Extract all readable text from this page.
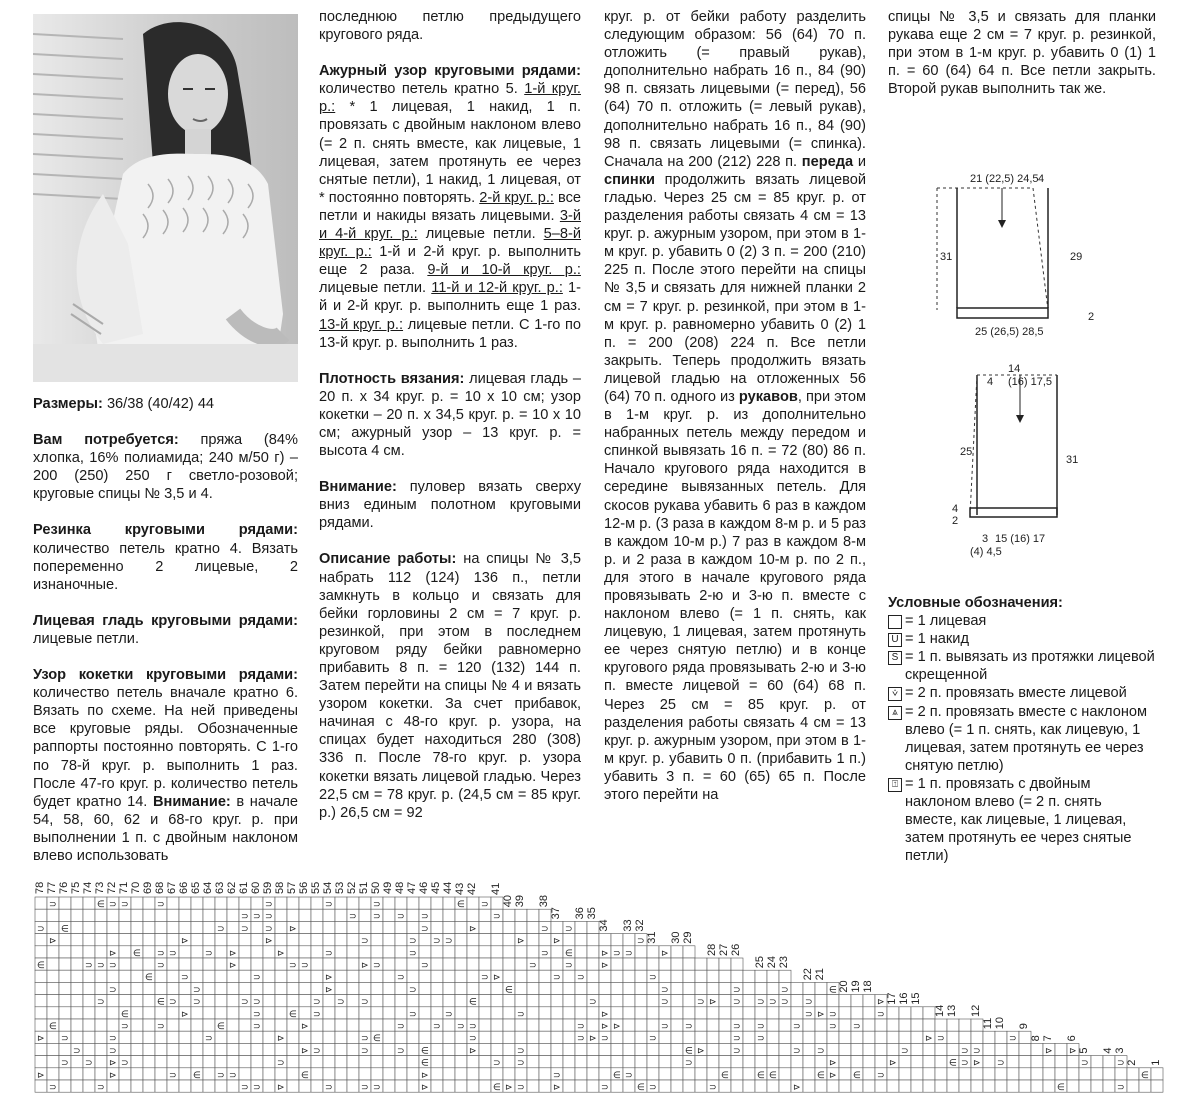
Размеры: 36/38 (40/42) 44

Вам потребуется: пряжа (84% хлопка, 16% полиамида; 240 м/50 г) – 200 (250) 250 г светло-розовой; круговые спицы № 3,5 и 4.

Резинка круговыми рядами: количество петель кратно 4. Вязать попеременно 2 лицевые, 2 изнаночные.

Лицевая гладь круговыми рядами: лицевые петли.

Узор кокетки круговыми рядами: количество петель вначале кратно 6. Вязать по схеме. На ней приведены все круговые ряды. Обозначенные раппорты постоянно повторять. С 1-го по 78-й круг. р. выполнить 1 раз. После 47-го круг. р. количество петель будет кратно 14. Внимание: в начале 54, 58, 60, 62 и 68-го круг. р. при выполнении 1 п. с двойным наклоном влево использовать

последнюю петлю предыдущего кругового ряда.

Ажурный узор круговыми рядами: количество петель кратно 5. 1-й круг. р.: * 1 лицевая, 1 накид, 1 п. провязать с двойным наклоном влево (= 2 п. снять вместе, как лицевые, 1 лицевая, затем протянуть ее через снятые петли), 1 накид, 1 лицевая, от * постоянно повторять. 2-й круг. р.: все петли и накиды вязать лицевыми. 3-й и 4-й круг. р.: лицевые петли. 5–8-й круг. р.: 1-й и 2-й круг. р. выполнить еще 2 раза. 9-й и 10-й круг. р.: лицевые петли. 11-й и 12-й круг. р.: 1-й и 2-й круг. р. выполнить еще 1 раз. 13-й круг. р.: лицевые петли. С 1-го по 13-й круг. р. выполнить 1 раз.

Плотность вязания: лицевая гладь – 20 п. х 34 круг. р. = 10 х 10 см; узор кокетки – 20 п. х 34,5 круг. р. = 10 х 10 см; ажурный узор – 13 круг. р. = высота 4 см.

Внимание: пуловер вязать сверху вниз единым полотном круговыми рядами.

Описание работы: на спицы № 3,5 набрать 112 (124) 136 п., петли замкнуть в кольцо и связать для бейки горловины 2 см = 7 круг. р. резинкой, при этом в последнем круговом ряду бейки равномерно прибавить 8 п. = 120 (132) 144 п. Затем перейти на спицы № 4 и вязать узором кокетки. За счет прибавок, начиная с 48-го круг. р. узора, на спицах будет находиться 280 (308) 336 п. После 78-го круг. р. узора кокетки вязать лицевой гладью. Через 22,5 см = 78 круг. р. (24,5 см = 85 круг. р.) 26,5 см = 92

круг. р. от бейки работу разделить следующим образом: 56 (64) 70 п. отложить (= правый рукав), дополнительно набрать 16 п., 84 (90) 98 п. связать лицевыми (= перед), 56 (64) 70 п. отложить (= левый рукав), дополнительно набрать 16 п., 84 (90) 98 п. связать лицевыми (= спинка). Сначала на 200 (212) 228 п. переда и спинки продолжить вязать лицевой гладью. Через 25 см = 85 круг. р. от разделения работы связать 4 см = 13 круг. р. ажурным узором, при этом в 1-м круг. р. убавить 0 (2) 3 п. = 200 (210) 225 п. После этого перейти на спицы № 3,5 и связать для нижней планки 2 см = 7 круг. р. резинкой, при этом в 1-м круг. р. равномерно убавить 0 (2) 1 п. = 200 (208) 224 п. Все петли закрыть. Теперь продолжить вязать лицевой гладью на отложенных 56 (64) 70 п. одного из рукавов, при этом в 1-м круг. р. из дополнительно набранных петель между передом и спинкой вывязать 16 п. = 72 (80) 86 п. Начало кругового ряда находится в середине вывязанных петель. Для скосов рукава убавить 6 раз в каждом 12-м р. (3 раза в каждом 8-м р. и 5 раз в каждом 10-м р.) 7 раз в каждом 8-м р. и 2 раза в каждом 10-м р. по 2 п., для этого в начале кругового ряда провязывать 2-ю и 3-ю п. вместе с наклоном влево (= 1 п. снять, как лицевую, 1 лицевая, затем протянуть ее через снятую петлю) и в конце кругового ряда провязывать 2-ю и 3-ю п. вместе лицевой = 60 (64) 68 п. Через 25 см = 85 круг. р. от разделения работы связать 4 см = 13 круг. р. ажурным узором, при этом в 1-м круг. р. убавить 0 п. (прибавить 1 п.) убавить 3 п. = 60 (65) 65 п. После этого перейти на

спицы № 3,5 и связать для планки рукава еще 2 см = 7 круг. р. резинкой, при этом в 1-м круг. р. убавить 0 (1) 1 п. = 60 (64) 64 п. Все петли закрыть. Второй рукав выполнить так же.

21 (22,5) 24,5 4
31	29
2
25 (26,5) 28,5
14
4 (16) 17,5
25
31
2
4
3 15 (16) 17
(4) 4,5
Условные обозначения:
= 1 лицевая
U = 1 накид
S = 1 п. вывязать из протяжки лицевой скрещенной
⩒ = 2 п. провязать вместе лицевой
⩓ = 2 п. провязать вместе с наклоном влево (= 1 п. снять, как лицевую, 1 лицевая, затем протянуть ее через снятую петлю)
⍐ = 1 п. провязать с двойным наклоном влево (= 2 п. снять вместе, как лицевые, 1 лицевая, затем протянуть ее через снятые петли)
⊃
∈
⊳
⊳
⊃
⊳
∈
⊃
∈
⊃
⊃
⊃
⊃
⊃
∈
⊃
⊃
⊃
⊃
⊳
⊃
⊃
⊃
⊃
⊳
⊳
⊃
∈
⊃
⊃
∈
∈
⊃
⊃
⊃
∈
⊃
⊃
⊃
⊃
⊳
⊃
⊳
⊃
⊃
∈
⊃
⊃
⊃
∈
⊃
⊳
⊳
⊃
⊃
⊃
⊃
⊃
⊃
⊃
⊃
⊃
⊃
⊃
⊃
⊃
⊃
⊳
⊳
⊳
⊃
⊳
⊳
⊃
∈
⊃
⊳
⊳
∈
⊃
⊃
⊃
⊃
⊃
⊳
⊳
⊃
⊃
⊃
⊃
⊳
⊃
⊃
⊃
⊃
⊃
⊃
⊃
∈
⊃
⊃
⊃
⊃
⊃
⊃
⊃
⊃
⊃
⊃
⊃
⊃
∈
∈
⊳
⊳
⊃
⊃
⊃
⊃
∈
⊃
⊳
∈
⊃
⊃
⊳
⊃
⊃
⊃
⊳
⊃
∈
∈
⊳
⊳
⊃
⊃
⊃
⊃
⊃
⊃
⊃
⊳
⊃
⊃
⊳
⊃
∈
⊃
⊃
⊃
⊃
⊃
⊳
⊳
⊳
⊳
⊳
⊃
⊃
⊃
⊳
∈
⊃
⊃
⊃
∈
⊃
⊃
⊃
⊳
⊃
⊃
⊃ ⊃
∈
⊃
⊃
⊳
⊳
⊃
∈
⊃
⊃
⊃
⊃
⊃
⊃
⊃
⊃
∈
⊃
∈
⊃
⊃
⊃
⊃
⊳
⊃
⊃ ⊳
⊃
∈
∈
⊃
⊃
⊳
⊳
⊃
∈
⊳
⊃
⊃
⊳
⊃
⊳ ⊃
∈
⊃
⊃
⊃
⊳ ⊃
⊃
⊳
∈
⊳
⊃	⊃
⊃
∈
78 77 76 75 74 73 72 71 70 69 68 67 66 65 64 63 62 61 60 59 58 57 56 55 54 53 52 51 50 49 48 47 46 45 44 43 42 41
40 39 38
37 36 35
34 33 32
31 30 29
28 27 26
25 24 23
22 21
20 19 18
17 16 15
14 13 12
11 10 9
8 7 6
5 4 3
2 1
